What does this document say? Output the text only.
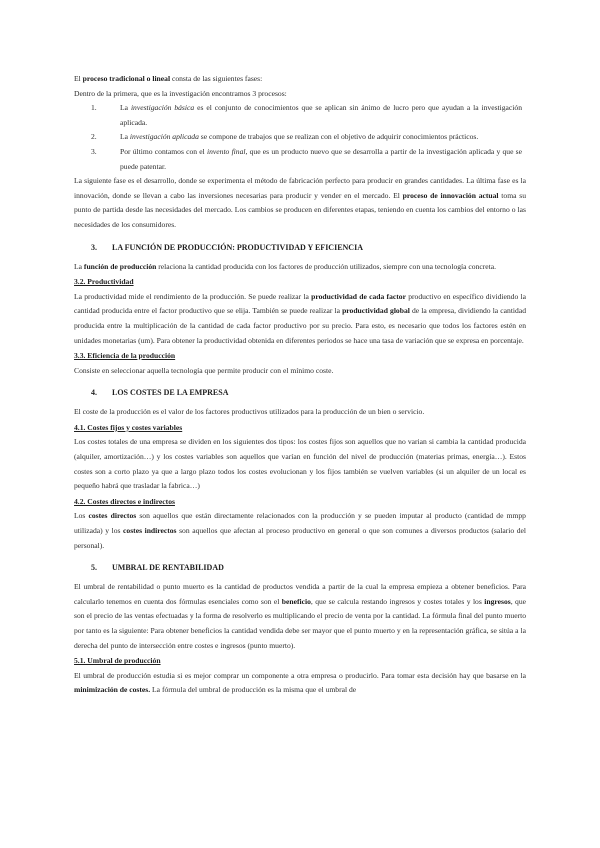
El proceso tradicional o lineal consta de las siguientes fases:

Dentro de la primera, que es la investigación encontramos 3 procesos:

1.	La investigación básica es el conjunto de conocimientos que se aplican sin ánimo de lucro pero que ayudan a la investigación aplicada.
2.	La investigación aplicada se compone de trabajos que se realizan con el objetivo de adquirir conocimientos prácticos.
3.	Por último contamos con el invento final, que es un producto nuevo que se desarrolla a partir de la investigación aplicada y que se puede patentar.

La siguiente fase es el desarrollo, donde se experimenta el método de fabricación perfecto para producir en grandes cantidades. La última fase es la innovación, donde se llevan a cabo las inversiones necesarias para producir y vender en el mercado. El proceso de innovación actual toma su punto de partida desde las necesidades del mercado. Los cambios se producen en diferentes etapas, teniendo en cuenta los cambios del entorno o las necesidades de los consumidores.

3. LA FUNCIÓN DE PRODUCCIÓN: PRODUCTIVIDAD Y EFICIENCIA

La función de producción relaciona la cantidad producida con los factores de producción utilizados, siempre con una tecnología concreta.

3.2. Productividad

La productividad mide el rendimiento de la producción. Se puede realizar la productividad de cada factor productivo en específico dividiendo la cantidad producida entre el factor productivo que se elija. También se puede realizar la productividad global de la empresa, dividiendo la cantidad producida entre la multiplicación de la cantidad de cada factor productivo por su precio. Para esto, es necesario que todos los factores estén en unidades monetarias (um). Para obtener la productividad obtenida en diferentes periodos se hace una tasa de variación que se expresa en porcentaje.

3.3. Eficiencia de la producción

Consiste en seleccionar aquella tecnología que permite producir con el mínimo coste.

4. LOS COSTES DE LA EMPRESA

El coste de la producción es el valor de los factores productivos utilizados para la producción de un bien o servicio.

4.1. Costes fijos y costes variables

Los costes totales de una empresa se dividen en los siguientes dos tipos: los costes fijos son aquellos que no varian si cambia la cantidad producida (alquiler, amortización…) y los costes variables son aquellos que varían en función del nivel de producción (materias primas, energía…). Estos costes son a corto plazo ya que a largo plazo todos los costes evolucionan y los fijos también se vuelven variables (si un alquiler de un local es pequeño habrá que trasladar la fabrica…)

4.2. Costes directos e indirectos

Los costes directos son aquellos que están directamente relacionados con la producción y se pueden imputar al producto (cantidad de mmpp utilizada) y los costes indirectos son aquellos que afectan al proceso productivo en general o que son comunes a diversos productos (salario del personal).

5. UMBRAL DE RENTABILIDAD

El umbral de rentabilidad o punto muerto es la cantidad de productos vendida a partir de la cual la empresa empieza a obtener beneficios. Para calcularlo tenemos en cuenta dos fórmulas esenciales como son el beneficio, que se calcula restando ingresos y costes totales y los ingresos, que son el precio de las ventas efectuadas y la forma de resolverlo es multiplicando el precio de venta por la cantidad. La fórmula final del punto muerto por tanto es la siguiente: Para obtener beneficios la cantidad vendida debe ser mayor que el punto muerto y en la representación gráfica, se sitúa a la derecha del punto de intersección entre costes e ingresos (punto muerto).

5.1. Umbral de producción

El umbral de producción estudia si es mejor comprar un componente a otra empresa o producirlo. Para tomar esta decisión hay que basarse en la minimización de costes. La fórmula del umbral de producción es la misma que el umbral de
